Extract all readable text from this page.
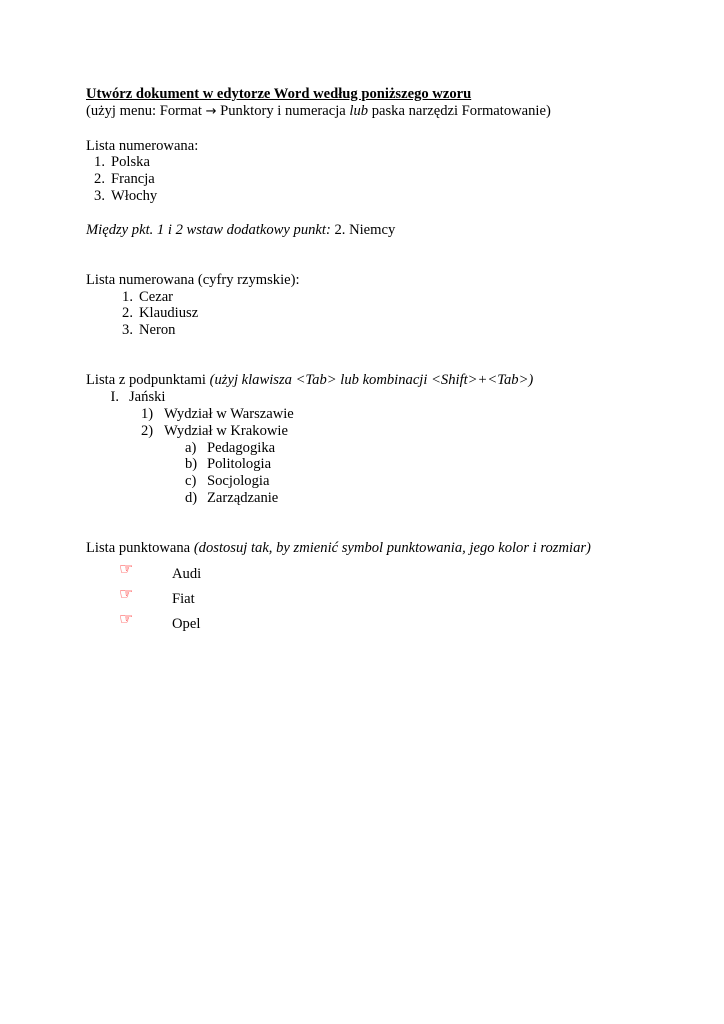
Utwórz dokument w edytorze Word według poniższego wzoru
(użyj menu: Format → Punktory i numeracja lub paska narzędzi Formatowanie)
Lista numerowana:
1. Polska
2. Francja
3. Włochy
Między pkt. 1 i 2 wstaw dodatkowy punkt: 2. Niemcy
Lista numerowana (cyfry rzymskie):
1. Cezar
2. Klaudiusz
3. Neron
Lista z podpunktami (użyj klawisza <Tab> lub kombinacji <Shift>+<Tab>)
I. Jański
1) Wydział w Warszawie
2) Wydział w Krakowie
a) Pedagogika
b) Politologia
c) Socjologia
d) Zarządzanie
Lista punktowana (dostosuj tak, by zmienić symbol punktowania, jego kolor i rozmiar)
☞	Audi
☞	Fiat
☞	Opel
